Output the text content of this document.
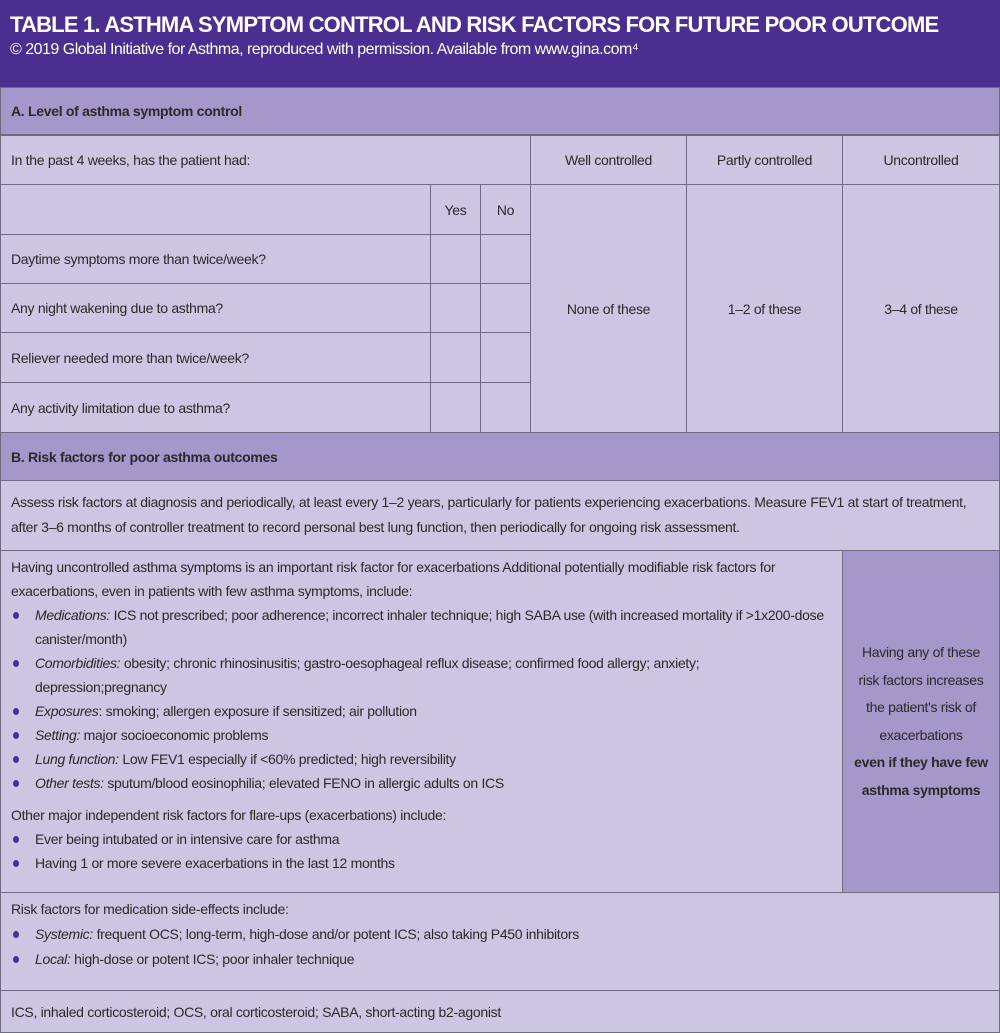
TABLE 1. ASTHMA SYMPTOM CONTROL AND RISK FACTORS FOR FUTURE POOR OUTCOME

© 2019 Global Initiative for Asthma, reproduced with permission. Available from www.gina.com⁴

A. Level of asthma symptom control
In the past 4 weeks, has the patient had:	Well controlled	Partly controlled	Uncontrolled
Yes	No
Daytime symptoms more than twice/week?
Any night wakening due to asthma?
Reliever needed more than twice/week?
Any activity limitation due to asthma?
None of these	1–2 of these	3–4 of these
B. Risk factors for poor asthma outcomes
Assess risk factors at diagnosis and periodically, at least every 1–2 years, particularly for patients experiencing exacerbations. Measure FEV1 at start of treatment, after 3–6 months of controller treatment to record personal best lung function, then periodically for ongoing risk assessment.

Having uncontrolled asthma symptoms is an important risk factor for exacerbations Additional potentially modifiable risk factors for exacerbations, even in patients with few asthma symptoms, include:

Medications: ICS not prescribed; poor adherence; incorrect inhaler technique; high SABA use (with increased mortality if >1x200-dose canister/month)
Comorbidities: obesity; chronic rhinosinusitis; gastro-oesophageal reflux disease; confirmed food allergy; anxiety; depression;pregnancy
Exposures: smoking; allergen exposure if sensitized; air pollution
Setting: major socioeconomic problems
Lung function: Low FEV1 especially if <60% predicted; high reversibility
Other tests: sputum/blood eosinophilia; elevated FENO in allergic adults on ICS

Other major independent risk factors for flare-ups (exacerbations) include:

Ever being intubated or in intensive care for asthma
Having 1 or more severe exacerbations in the last 12 months
Having any of these risk factors increases the patient's risk of exacerbations
even if they have few asthma symptoms

Risk factors for medication side-effects include:

Systemic: frequent OCS; long-term, high-dose and/or potent ICS; also taking P450 inhibitors
Local: high-dose or potent ICS; poor inhaler technique
ICS, inhaled corticosteroid; OCS, oral corticosteroid; SABA, short-acting b2-agonist
